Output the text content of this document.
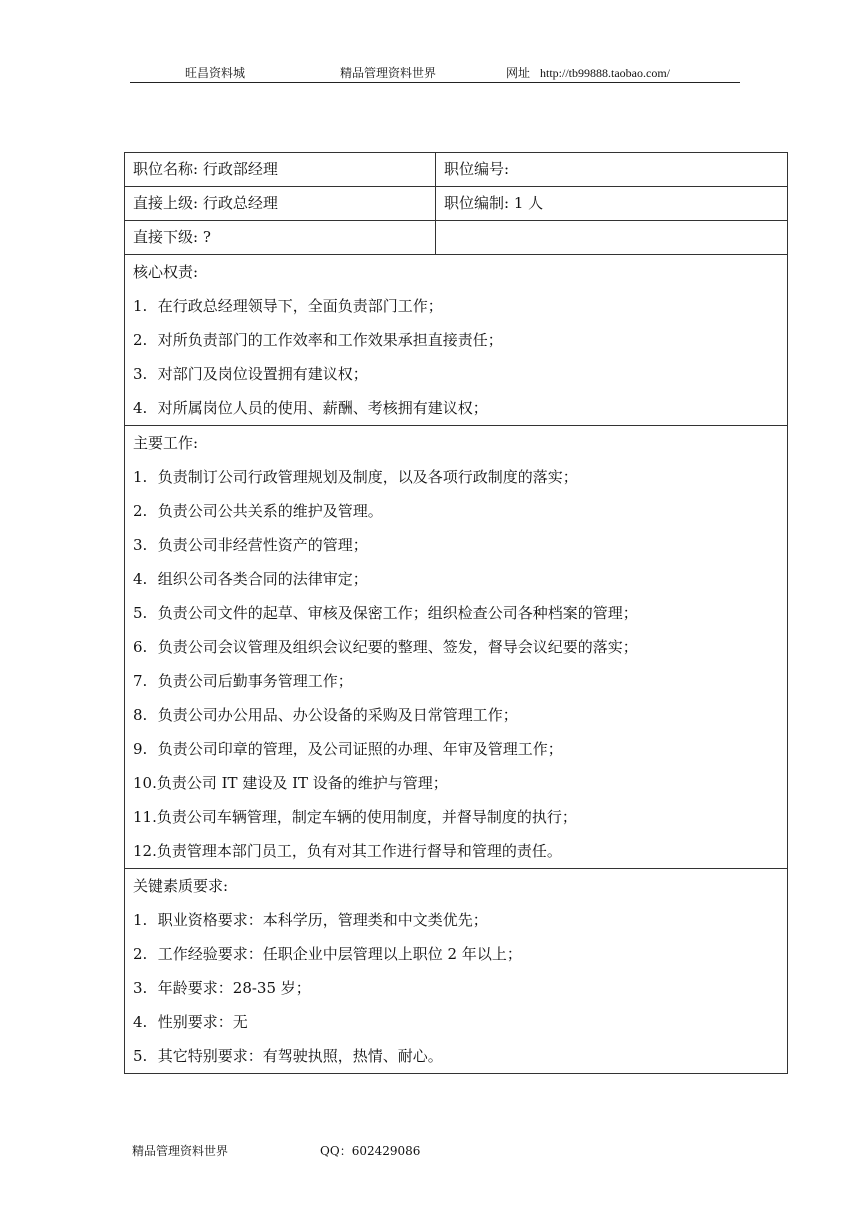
旺昌资料城	精品管理资料世界	网址 http://tb99888.taobao.com/
职位名称: 行政部经理	职位编号:
直接上级: 行政总经理	职位编制: 1 人
直接下级: ?
核心权责:
1. 在行政总经理领导下，全面负责部门工作；
2. 对所负责部门的工作效率和工作效果承担直接责任；
3. 对部门及岗位设置拥有建议权；
4. 对所属岗位人员的使用、薪酬、考核拥有建议权；
主要工作:
1. 负责制订公司行政管理规划及制度，以及各项行政制度的落实；
2. 负责公司公共关系的维护及管理。
3. 负责公司非经营性资产的管理；
4. 组织公司各类合同的法律审定；
5. 负责公司文件的起草、审核及保密工作；组织检查公司各种档案的管理；
6. 负责公司会议管理及组织会议纪要的整理、签发，督导会议纪要的落实；
7. 负责公司后勤事务管理工作；
8. 负责公司办公用品、办公设备的采购及日常管理工作；
9. 负责公司印章的管理，及公司证照的办理、年审及管理工作；
10.负责公司 IT 建设及 IT 设备的维护与管理；
11.负责公司车辆管理，制定车辆的使用制度，并督导制度的执行；
12.负责管理本部门员工，负有对其工作进行督导和管理的责任。
关键素质要求:
1. 职业资格要求：本科学历，管理类和中文类优先；
2. 工作经验要求：任职企业中层管理以上职位 2 年以上；
3. 年龄要求：28-35 岁；
4. 性别要求：无
5. 其它特别要求：有驾驶执照，热情、耐心。
精品管理资料世界	QQ：602429086
